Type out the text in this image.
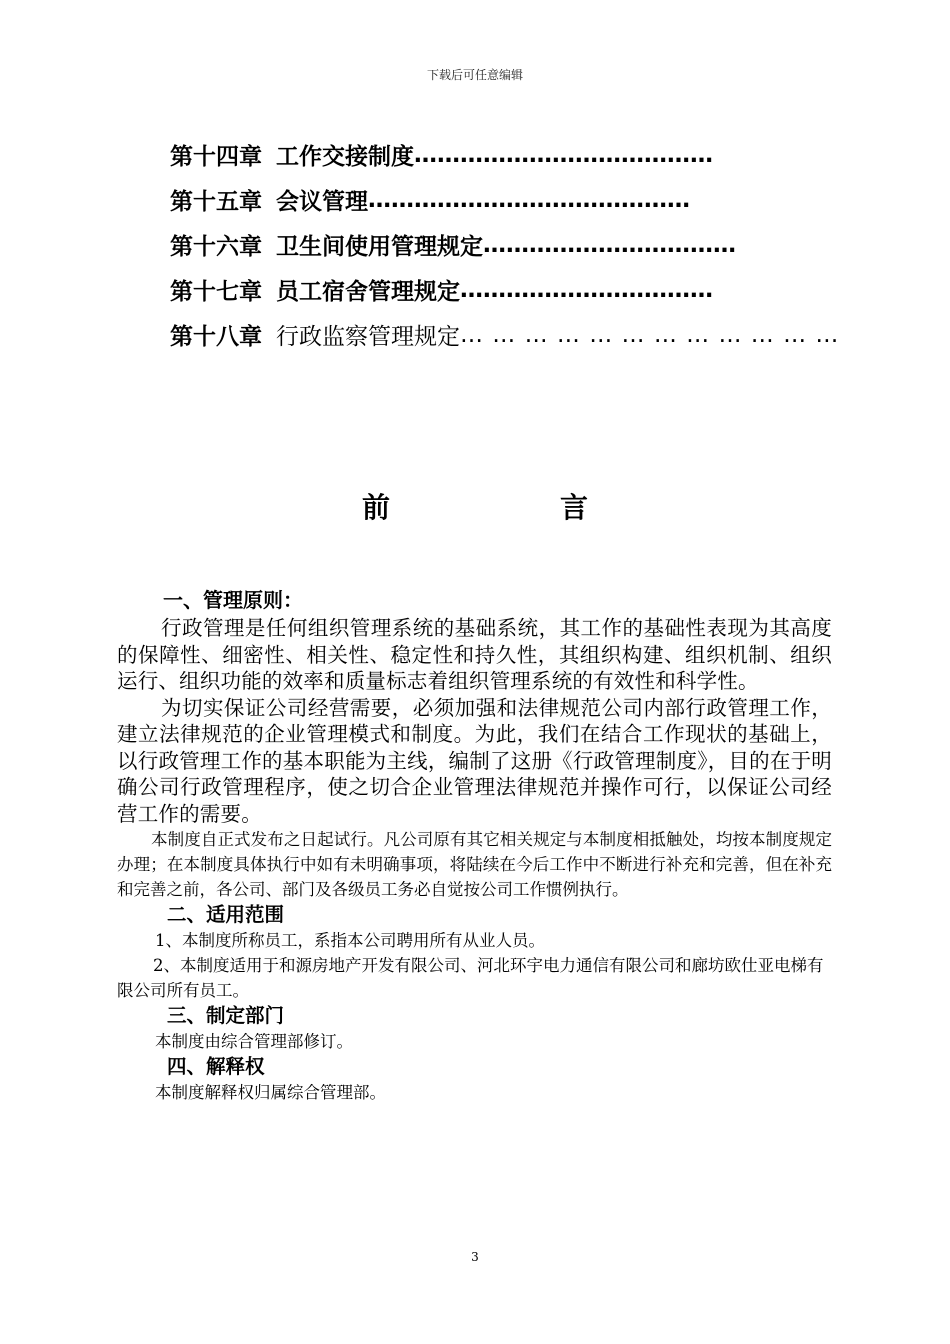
下载后可任意编辑
第十四章 工作交接制度 …………………………………
第十五章 会议管理 ……………………………………
第十六章 卫生间使用管理规定 ……………………………
第十七章 员工宿舍管理规定 ……………………………
第十八章 行政监察管理规定 … … … … … … … … … … … …
前	言
一、管理原则：

行政管理是任何组织管理系统的基础系统，其工作的基础性表现为其高度的保障性、细密性、相关性、稳定性和持久性，其组织构建、组织机制、组织运行、组织功能的效率和质量标志着组织管理系统的有效性和科学性。

为切实保证公司经营需要，必须加强和法律规范公司内部行政管理工作，建立法律规范的企业管理模式和制度。为此，我们在结合工作现状的基础上，以行政管理工作的基本职能为主线，编制了这册《行政管理制度》，目的在于明确公司行政管理程序，使之切合企业管理法律规范并操作可行，以保证公司经营工作的需要。

本制度自正式发布之日起试行。凡公司原有其它相关规定与本制度相抵触处，均按本制度规定办理；在本制度具体执行中如有未明确事项，将陆续在今后工作中不断进行补充和完善，但在补充和完善之前，各公司、部门及各级员工务必自觉按公司工作惯例执行。

二、适用范围

1、本制度所称员工，系指本公司聘用所有从业人员。

2、本制度适用于和源房地产开发有限公司、河北环宇电力通信有限公司和廊坊欧仕亚电梯有限公司所有员工。

三、制定部门

本制度由综合管理部修订。

四、解释权

本制度解释权归属综合管理部。

3
